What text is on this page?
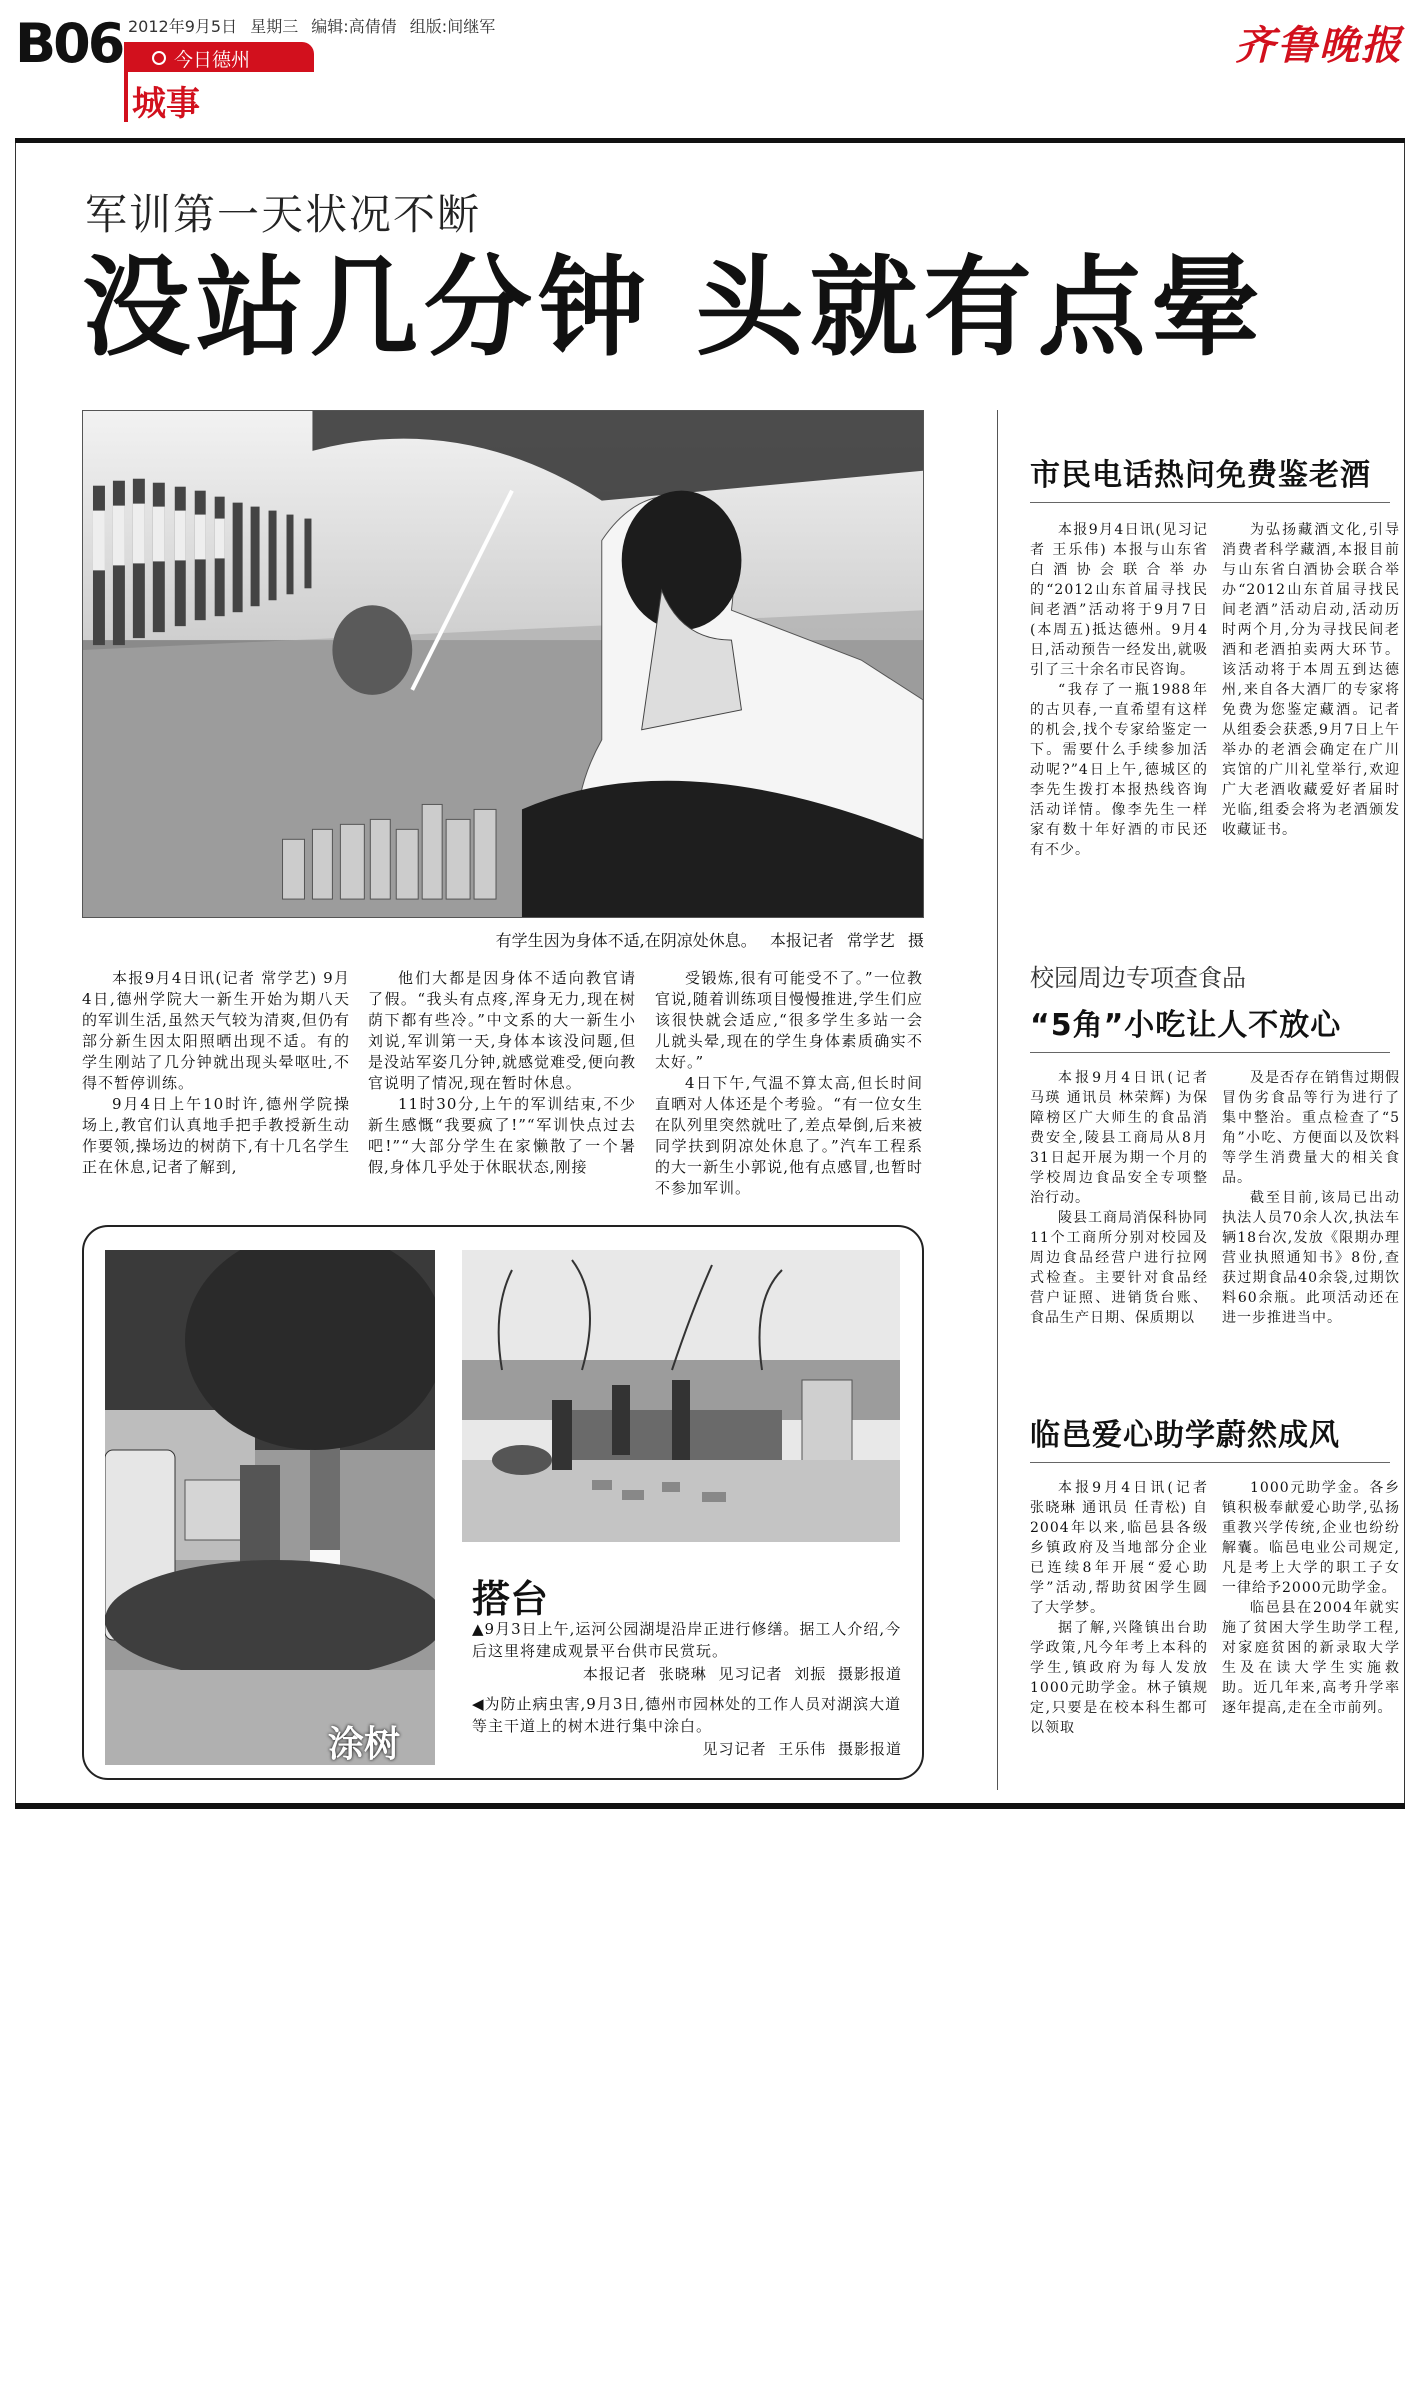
B06 2012年9月5日 星期三 编辑:高倩倩 组版:间继军
今日德州
城事
齐鲁晚报
军训第一天状况不断
没站几分钟 头就有点晕
有学生因为身体不适,在阴凉处休息。 本报记者 常学艺 摄

本报9月4日讯(记者 常学艺) 9月4日,德州学院大一新生开始为期八天的军训生活,虽然天气较为清爽,但仍有部分新生因太阳照晒出现不适。有的学生刚站了几分钟就出现头晕呕吐,不得不暂停训练。

9月4日上午10时许,德州学院操场上,教官们认真地手把手教授新生动作要领,操场边的树荫下,有十几名学生正在休息,记者了解到,

他们大都是因身体不适向教官请了假。“我头有点疼,浑身无力,现在树荫下都有些冷。”中文系的大一新生小刘说,军训第一天,身体本该没问题,但是没站军姿几分钟,就感觉难受,便向教官说明了情况,现在暂时休息。

11时30分,上午的军训结束,不少新生感慨“我要疯了!”“军训快点过去吧!”“大部分学生在家懒散了一个暑假,身体几乎处于休眠状态,刚接

受锻炼,很有可能受不了。”一位教官说,随着训练项目慢慢推进,学生们应该很快就会适应,“很多学生多站一会儿就头晕,现在的学生身体素质确实不太好。”

4日下午,气温不算太高,但长时间直晒对人体还是个考验。“有一位女生在队列里突然就吐了,差点晕倒,后来被同学扶到阴凉处休息了。”汽车工程系的大一新生小郭说,他有点感冒,也暂时不参加军训。

涂树
搭台
▲9月3日上午,运河公园湖堤沿岸正进行修缮。据工人介绍,今后这里将建成观景平台供市民赏玩。
本报记者 张晓琳 见习记者 刘振 摄影报道
◀为防止病虫害,9月3日,德州市园林处的工作人员对湖滨大道等主干道上的树木进行集中涂白。
见习记者 王乐伟 摄影报道
市民电话热问免费鉴老酒

本报9月4日讯(见习记者 王乐伟) 本报与山东省白酒协会联合举办的“2012山东首届寻找民间老酒”活动将于9月7日(本周五)抵达德州。9月4日,活动预告一经发出,就吸引了三十余名市民咨询。

“我存了一瓶1988年的古贝春,一直希望有这样的机会,找个专家给鉴定一下。需要什么手续参加活动呢?”4日上午,德城区的李先生拨打本报热线咨询活动详情。像李先生一样家有数十年好酒的市民还有不少。

为弘扬藏酒文化,引导消费者科学藏酒,本报目前与山东省白酒协会联合举办“2012山东首届寻找民间老酒”活动启动,活动历时两个月,分为寻找民间老酒和老酒拍卖两大环节。该活动将于本周五到达德州,来自各大酒厂的专家将免费为您鉴定藏酒。记者从组委会获悉,9月7日上午举办的老酒会确定在广川宾馆的广川礼堂举行,欢迎广大老酒收藏爱好者届时光临,组委会将为老酒颁发收藏证书。

校园周边专项查食品
“5角”小吃让人不放心

本报9月4日讯(记者 马瑛 通讯员 林荣辉) 为保障榜区广大师生的食品消费安全,陵县工商局从8月31日起开展为期一个月的学校周边食品安全专项整治行动。

陵县工商局消保科协同11个工商所分别对校园及周边食品经营户进行拉网式检查。主要针对食品经营户证照、进销货台账、食品生产日期、保质期以

及是否存在销售过期假冒伪劣食品等行为进行了集中整治。重点检查了“5角”小吃、方便面以及饮料等学生消费量大的相关食品。

截至目前,该局已出动执法人员70余人次,执法车辆18台次,发放《限期办理营业执照通知书》8份,查获过期食品40余袋,过期饮料60余瓶。此项活动还在进一步推进当中。

临邑爱心助学蔚然成风

本报9月4日讯(记者 张晓琳 通讯员 任青松) 自2004年以来,临邑县各级乡镇政府及当地部分企业已连续8年开展“爱心助学”活动,帮助贫困学生圆了大学梦。

据了解,兴隆镇出台助学政策,凡今年考上本科的学生,镇政府为每人发放1000元助学金。林子镇规定,只要是在校本科生都可以领取

1000元助学金。各乡镇积极奉献爱心助学,弘扬重教兴学传统,企业也纷纷解囊。临邑电业公司规定,凡是考上大学的职工子女一律给予2000元助学金。

临邑县在2004年就实施了贫困大学生助学工程,对家庭贫困的新录取大学生及在读大学生实施救助。近几年来,高考升学率逐年提高,走在全市前列。
